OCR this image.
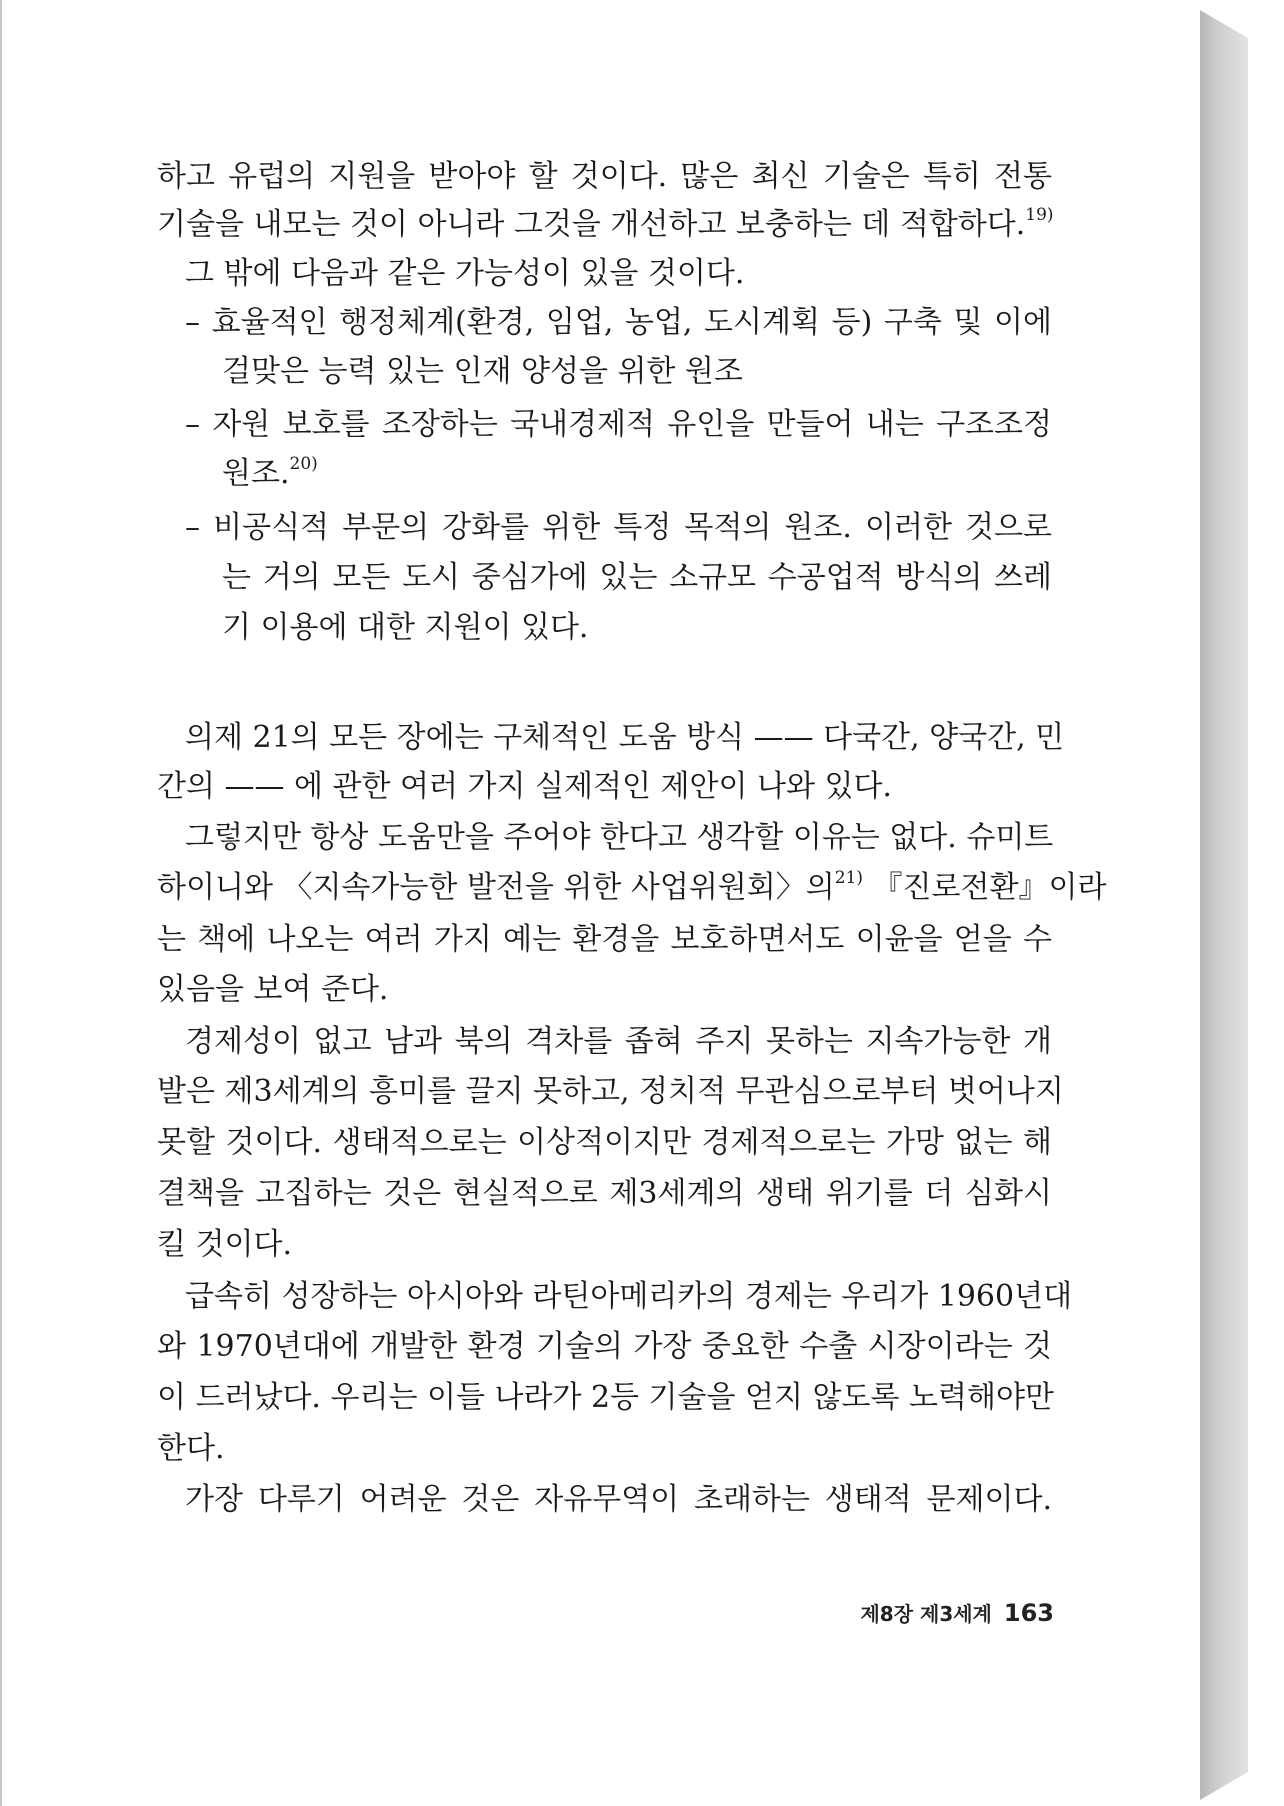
하고 유럽의 지원을 받아야 할 것이다. 많은 최신 기술은 특히 전통
기술을 내모는 것이 아니라 그것을 개선하고 보충하는 데 적합하다.$^{19)}$
그 밖에 다음과 같은 가능성이 있을 것이다.
– 효율적인 행정체계(환경, 임업, 농업, 도시계획 등) 구축 및 이에
걸맞은 능력 있는 인재 양성을 위한 원조
– 자원 보호를 조장하는 국내경제적 유인을 만들어 내는 구조조정
원조.$^{20)}$
– 비공식적 부문의 강화를 위한 특정 목적의 원조. 이러한 것으로
는 거의 모든 도시 중심가에 있는 소규모 수공업적 방식의 쓰레
기 이용에 대한 지원이 있다.
의제 21의 모든 장에는 구체적인 도움 방식 —— 다국간, 양국간, 민
간의 —— 에 관한 여러 가지 실제적인 제안이 나와 있다.
그렇지만 항상 도움만을 주어야 한다고 생각할 이유는 없다. 슈미트
하이니와 〈지속가능한 발전을 위한 사업위원회〉의$^{21)}$ 『진로전환』이라
는 책에 나오는 여러 가지 예는 환경을 보호하면서도 이윤을 얻을 수
있음을 보여 준다.
경제성이 없고 남과 북의 격차를 좁혀 주지 못하는 지속가능한 개
발은 제3세계의 흥미를 끌지 못하고, 정치적 무관심으로부터 벗어나지
못할 것이다. 생태적으로는 이상적이지만 경제적으로는 가망 없는 해
결책을 고집하는 것은 현실적으로 제3세계의 생태 위기를 더 심화시
킬 것이다.
급속히 성장하는 아시아와 라틴아메리카의 경제는 우리가 1960년대
와 1970년대에 개발한 환경 기술의 가장 중요한 수출 시장이라는 것
이 드러났다. 우리는 이들 나라가 2등 기술을 얻지 않도록 노력해야만
한다.
가장 다루기 어려운 것은 자유무역이 초래하는 생태적 문제이다.
제8장 제3세계 163
